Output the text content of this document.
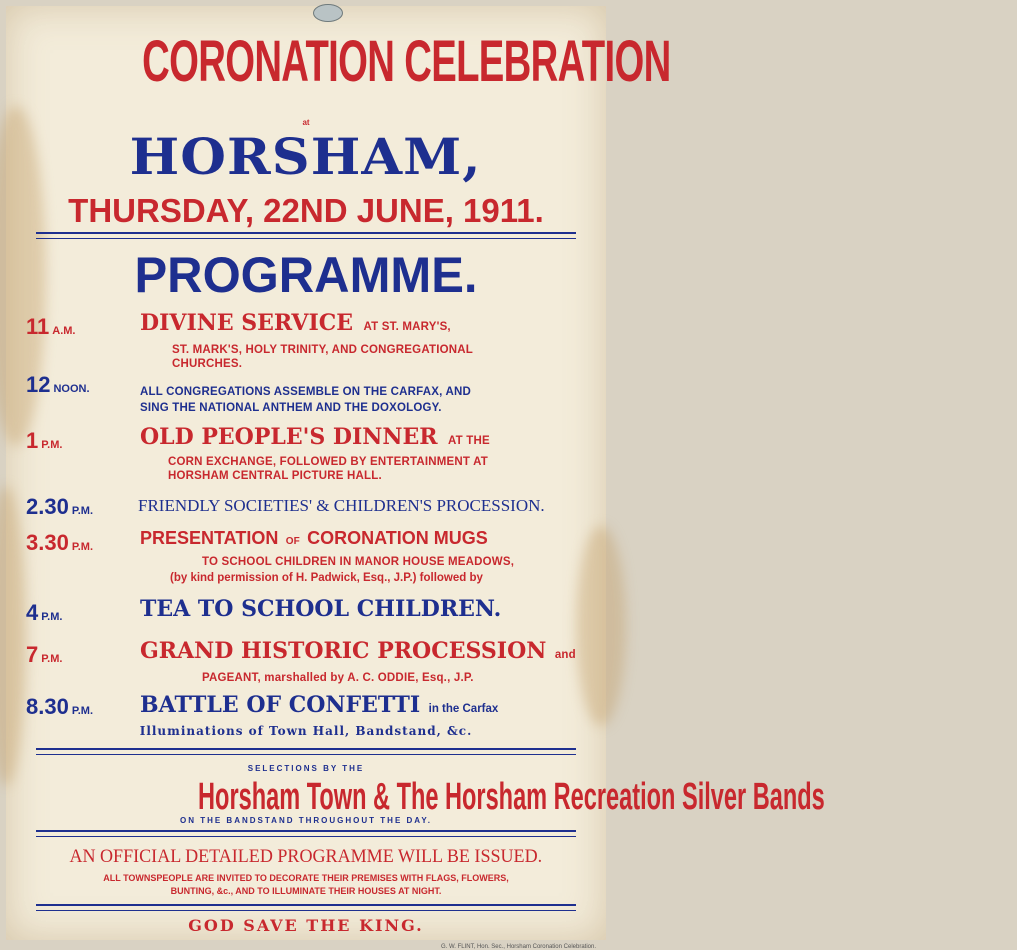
CORONATION CELEBRATION
at
HORSHAM,
THURSDAY, 22ND JUNE, 1911.
PROGRAMME.
11 A.M.	DIVINE SERVICE AT ST. MARY'S,
ST. MARK'S, HOLY TRINITY, AND CONGREGATIONAL
CHURCHES.
12 NOON.	ALL CONGREGATIONS ASSEMBLE ON THE CARFAX, AND
SING THE NATIONAL ANTHEM AND THE DOXOLOGY.
1 P.M.	OLD PEOPLE'S DINNER AT THE
CORN EXCHANGE, FOLLOWED BY ENTERTAINMENT AT
HORSHAM CENTRAL PICTURE HALL.
2.30 P.M.	FRIENDLY SOCIETIES' & CHILDREN'S PROCESSION.
3.30 P.M.	PRESENTATION OF CORONATION MUGS
TO SCHOOL CHILDREN IN MANOR HOUSE MEADOWS,
(by kind permission of H. Padwick, Esq., J.P.) followed by
4 P.M.	TEA TO SCHOOL CHILDREN.
7 P.M.	GRAND HISTORIC PROCESSION and
PAGEANT, marshalled by A. C. ODDIE, Esq., J.P.
8.30 P.M. BATTLE OF CONFETTI in the Carfax
Illuminations of Town Hall, Bandstand, &c.
SELECTIONS BY THE
Horsham Town & The Horsham Recreation Silver Bands
ON THE BANDSTAND THROUGHOUT THE DAY.
AN OFFICIAL DETAILED PROGRAMME WILL BE ISSUED.
ALL TOWNSPEOPLE ARE INVITED TO DECORATE THEIR PREMISES WITH FLAGS, FLOWERS,
BUNTING, &c., AND TO ILLUMINATE THEIR HOUSES AT NIGHT.
GOD SAVE THE KING.
G. W. FLINT, Hon. Sec., Horsham Coronation Celebration.
